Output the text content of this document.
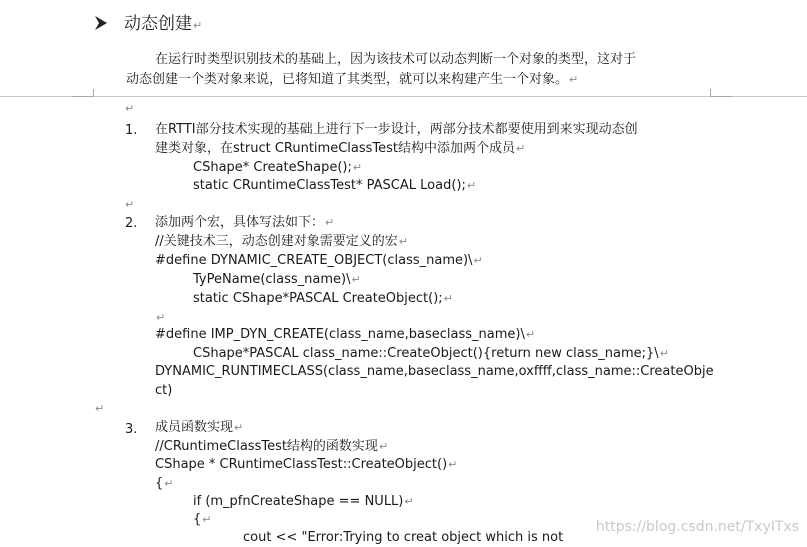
动态创建↵
在运行时类型识别技术的基础上，因为该技术可以动态判断一个对象的类型，这对于
动态创建一个类对象来说，已将知道了其类型，就可以来构建产生一个对象。↵
↵
1. 在RTTI部分技术实现的基础上进行下一步设计，两部分技术都要使用到来实现动态创
建类对象，在struct CRuntimeClassTest结构中添加两个成员↵
CShape* CreateShape();↵
static CRuntimeClassTest* PASCAL Load();↵
↵
2. 添加两个宏，具体写法如下：↵
//关键技术三，动态创建对象需要定义的宏↵
#define DYNAMIC_CREATE_OBJECT(class_name)\↵
TyPeName(class_name)\↵
static CShape*PASCAL CreateObject();↵
↵
#define IMP_DYN_CREATE(class_name,baseclass_name)\↵
CShape*PASCAL class_name::CreateObject(){return new class_name;}\↵
DYNAMIC_RUNTIMECLASS(class_name,baseclass_name,oxffff,class_name::CreateObje
ct)
↵
3. 成员函数实现↵
//CRuntimeClassTest结构的函数实现↵
CShape * CRuntimeClassTest::CreateObject()↵
{↵
if (m_pfnCreateShape == NULL)↵
{↵
cout << "Error:Trying to creat object which is not
https://blog.csdn.net/TxyITxs
